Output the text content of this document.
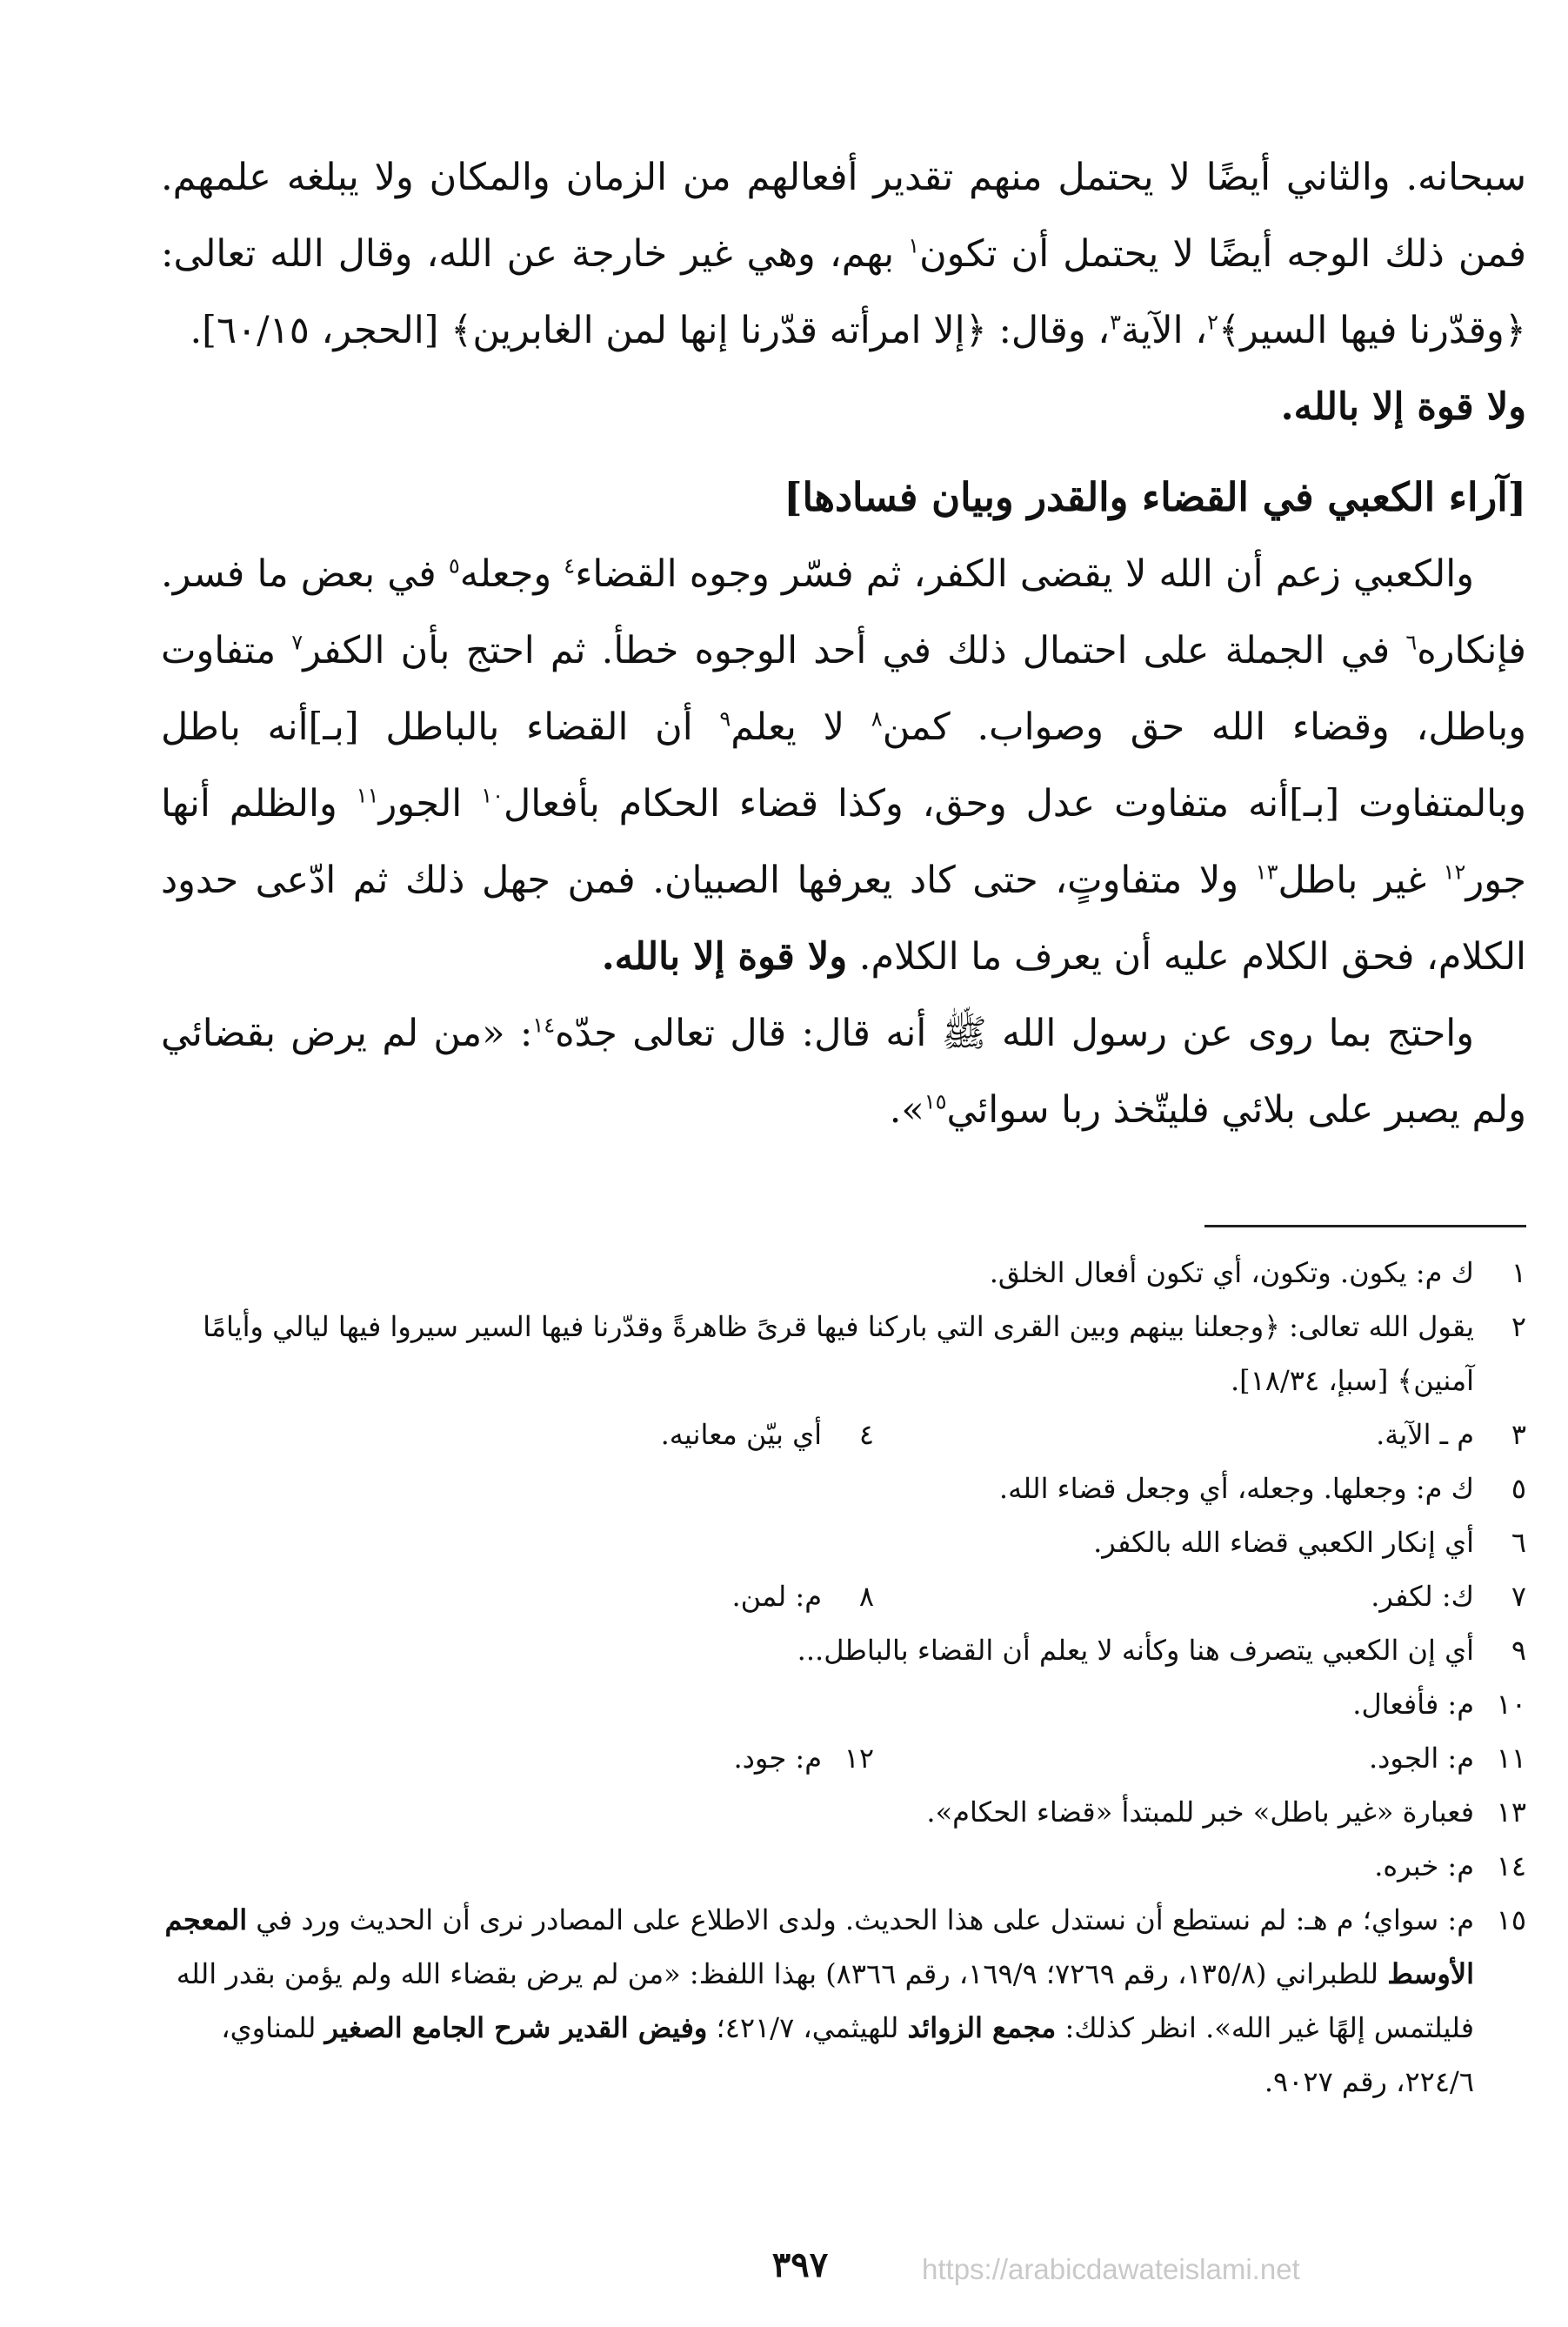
سبحانه. والثاني أيضًا لا يحتمل منهم تقدير أفعالهم من الزمان والمكان ولا يبلغه علمهم. فمن ذلك الوجه أيضًا لا يحتمل أن تكون$^١$ بهم، وهي غير خارجة عن الله، وقال الله تعالى: ﴿وقدّرنا فيها السير﴾$^٢$، الآية$^٣$، وقال: ﴿إلا امرأته قدّرنا إنها لمن الغابرين﴾ [الحجر، ٦٠/١٥].

ولا قوة إلا بالله.

[آراء الكعبي في القضاء والقدر وبيان فسادها]

والكعبي زعم أن الله لا يقضى الكفر، ثم فسّر وجوه القضاء$^٤$ وجعله$^٥$ في بعض ما فسر. فإنكاره$^٦$ في الجملة على احتمال ذلك في أحد الوجوه خطأ. ثم احتج بأن الكفر$^٧$ متفاوت وباطل، وقضاء الله حق وصواب. كمن$^٨$ لا يعلم$^٩$ أن القضاء بالباطل [بـ]أنه باطل وبالمتفاوت [بـ]أنه متفاوت عدل وحق، وكذا قضاء الحكام بأفعال$^{١٠}$ الجور$^{١١}$ والظلم أنها جور$^{١٢}$ غير باطل$^{١٣}$ ولا متفاوتٍ، حتى كاد يعرفها الصبيان. فمن جهل ذلك ثم ادّعى حدود الكلام، فحق الكلام عليه أن يعرف ما الكلام. ولا قوة إلا بالله.

واحتج بما روى عن رسول الله ﷺ أنه قال: قال تعالى جدّه$^{١٤}$: «من لم يرض بقضائي ولم يصبر على بلائي فليتّخذ ربا سوائي$^{١٥}$».

١
ك م: يكون. وتكون، أي تكون أفعال الخلق.
٢
يقول الله تعالى: ﴿وجعلنا بينهم وبين القرى التي باركنا فيها قرىً ظاهرةً وقدّرنا فيها السير سيروا فيها ليالي وأيامًا آمنين﴾ [سبإ، ١٨/٣٤].
٣
م ـ الآية.
٤
أي بيّن معانيه.
٥
ك م: وجعلها. وجعله، أي وجعل قضاء الله.
٦
أي إنكار الكعبي قضاء الله بالكفر.
٧
ك: لكفر.
٨
م: لمن.
٩
أي إن الكعبي يتصرف هنا وكأنه لا يعلم أن القضاء بالباطل...
١٠
م: فأفعال.
١١
م: الجود.
١٢
م: جود.
١٣
فعبارة «غير باطل» خبر للمبتدأ «قضاء الحكام».
١٤
م: خبره.
١٥
م: سواي؛ م هـ: لم نستطع أن نستدل على هذا الحديث. ولدى الاطلاع على المصادر نرى أن الحديث ورد في المعجم الأوسط للطبراني (١٣٥/٨، رقم ٧٢٦٩؛ ١٦٩/٩، رقم ٨٣٦٦) بهذا اللفظ: «من لم يرض بقضاء الله ولم يؤمن بقدر الله فليلتمس إلهًا غير الله». انظر كذلك: مجمع الزوائد للهيثمي، ٤٢١/٧؛ وفيض القدير شرح الجامع الصغير للمناوي، ٢٢٤/٦، رقم ٩٠٢٧.
٣٩٧	https://arabicdawateislami.net
